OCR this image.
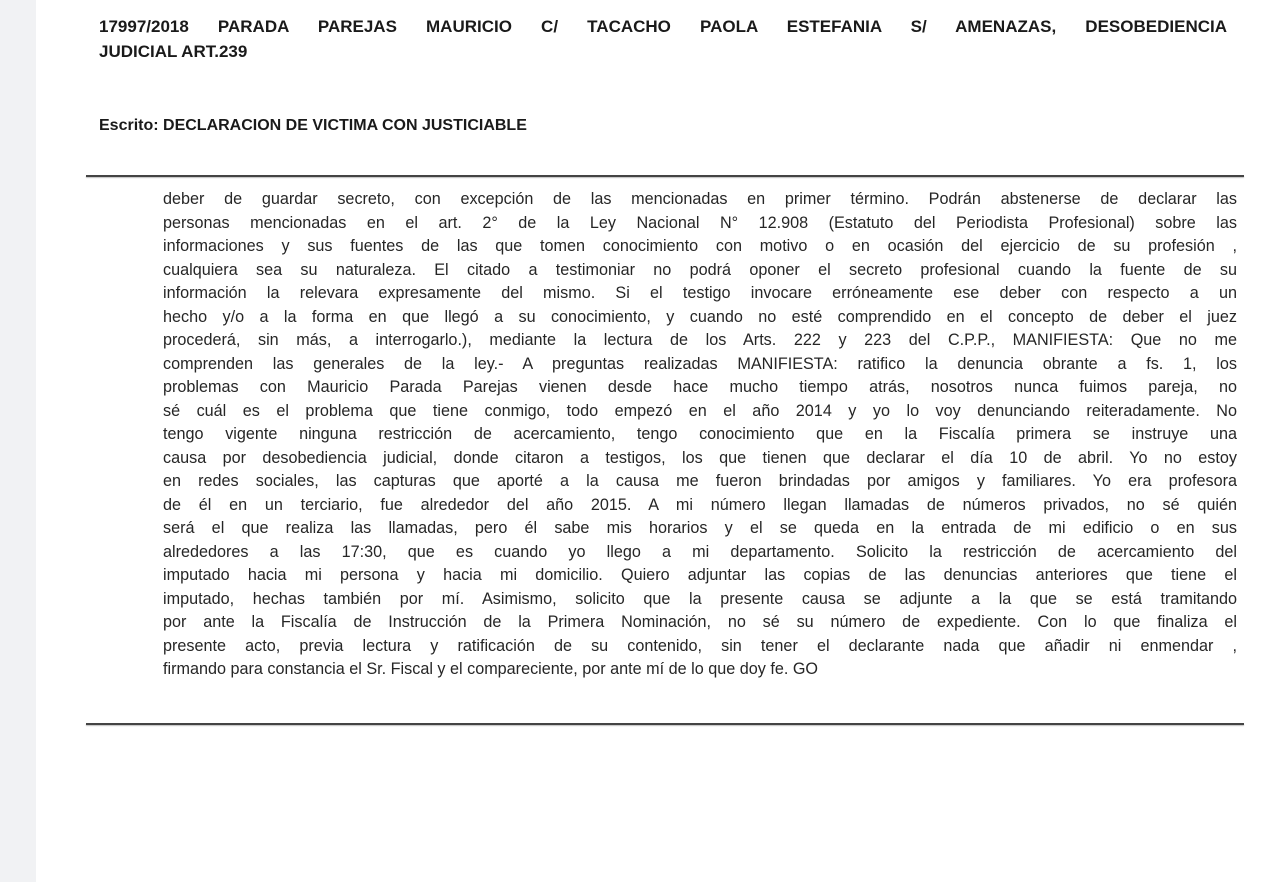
17997/2018 PARADA PAREJAS MAURICIO C/ TACACHO PAOLA ESTEFANIA S/ AMENAZAS, DESOBEDIENCIA
JUDICIAL ART.239
Escrito: DECLARACION DE VICTIMA CON JUSTICIABLE
deber de guardar secreto, con excepción de las mencionadas en primer término. Podrán abstenerse de declarar las
personas mencionadas en el art. 2° de la Ley Nacional N° 12.908 (Estatuto del Periodista Profesional) sobre las
informaciones y sus fuentes de las que tomen conocimiento con motivo o en ocasión del ejercicio de su profesión ,
cualquiera sea su naturaleza. El citado a testimoniar no podrá oponer el secreto profesional cuando la fuente de su
información la relevara expresamente del mismo. Si el testigo invocare erróneamente ese deber con respecto a un
hecho y/o a la forma en que llegó a su conocimiento, y cuando no esté comprendido en el concepto de deber el juez
procederá, sin más, a interrogarlo.), mediante la lectura de los Arts. 222 y 223 del C.P.P., MANIFIESTA: Que no me
comprenden las generales de la ley.- A preguntas realizadas MANIFIESTA: ratifico la denuncia obrante a fs. 1, los
problemas con Mauricio Parada Parejas vienen desde hace mucho tiempo atrás, nosotros nunca fuimos pareja, no
sé cuál es el problema que tiene conmigo, todo empezó en el año 2014 y yo lo voy denunciando reiteradamente. No
tengo vigente ninguna restricción de acercamiento, tengo conocimiento que en la Fiscalía primera se instruye una
causa por desobediencia judicial, donde citaron a testigos, los que tienen que declarar el día 10 de abril. Yo no estoy
en redes sociales, las capturas que aporté a la causa me fueron brindadas por amigos y familiares. Yo era profesora
de él en un terciario, fue alrededor del año 2015. A mi número llegan llamadas de números privados, no sé quién
será el que realiza las llamadas, pero él sabe mis horarios y el se queda en la entrada de mi edificio o en sus
alrededores a las 17:30, que es cuando yo llego a mi departamento. Solicito la restricción de acercamiento del
imputado hacia mi persona y hacia mi domicilio. Quiero adjuntar las copias de las denuncias anteriores que tiene el
imputado, hechas también por mí. Asimismo, solicito que la presente causa se adjunte a la que se está tramitando
por ante la Fiscalía de Instrucción de la Primera Nominación, no sé su número de expediente. Con lo que finaliza el
presente acto, previa lectura y ratificación de su contenido, sin tener el declarante nada que añadir ni enmendar ,
firmando para constancia el Sr. Fiscal y el compareciente, por ante mí de lo que doy fe. GO
